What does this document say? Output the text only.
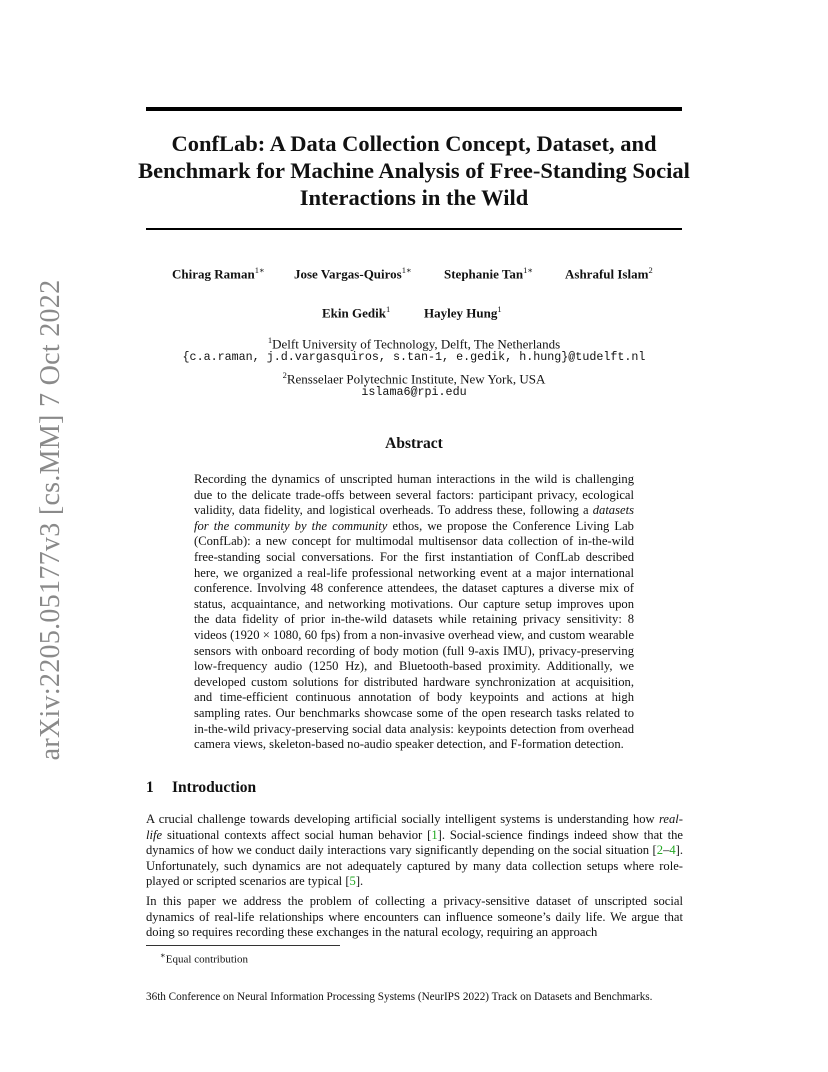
arXiv:2205.05177v3 [cs.MM] 7 Oct 2022
ConfLab: A Data Collection Concept, Dataset, and Benchmark for Machine Analysis of Free-Standing Social Interactions in the Wild
Chirag Raman$^{1∗}$ Jose Vargas-Quiros$^{1∗}$ Stephanie Tan$^{1∗}$ Ashraful Islam$^2$
Ekin Gedik$^1$	Hayley Hung$^1$
$^1$Delft University of Technology, Delft, The Netherlands
{c.a.raman, j.d.vargasquiros, s.tan-1, e.gedik, h.hung}@tudelft.nl
$^2$Rensselaer Polytechnic Institute, New York, USA
islama6@rpi.edu
Abstract
Recording the dynamics of unscripted human interactions in the wild is challenging due to the delicate trade-offs between several factors: participant privacy, ecological validity, data fidelity, and logistical overheads. To address these, following a datasets for the community by the community ethos, we propose the Conference Living Lab (ConfLab): a new concept for multimodal multisensor data collection of in-the-wild free-standing social conversations. For the first instantiation of ConfLab described here, we organized a real-life professional networking event at a major international conference. Involving 48 conference attendees, the dataset captures a diverse mix of status, acquaintance, and networking motivations. Our capture setup improves upon the data fidelity of prior in-the-wild datasets while retaining privacy sensitivity: 8 videos (1920 × 1080, 60 fps) from a non-invasive overhead view, and custom wearable sensors with onboard recording of body motion (full 9-axis IMU), privacy-preserving low-frequency audio (1250 Hz), and Bluetooth-based proximity. Additionally, we developed custom solutions for distributed hardware synchronization at acquisition, and time-efficient continuous annotation of body keypoints and actions at high sampling rates. Our benchmarks showcase some of the open research tasks related to in-the-wild privacy-preserving social data analysis: keypoints detection from overhead camera views, skeleton-based no-audio speaker detection, and F-formation detection.
1 Introduction
A crucial challenge towards developing artificial socially intelligent systems is understanding how real-life situational contexts affect social human behavior [1]. Social-science findings indeed show that the dynamics of how we conduct daily interactions vary significantly depending on the social situation [2–4]. Unfortunately, such dynamics are not adequately captured by many data collection setups where role-played or scripted scenarios are typical [5].
In this paper we address the problem of collecting a privacy-sensitive dataset of unscripted social dynamics of real-life relationships where encounters can influence someone’s daily life. We argue that doing so requires recording these exchanges in the natural ecology, requiring an approach
∗Equal contribution
36th Conference on Neural Information Processing Systems (NeurIPS 2022) Track on Datasets and Benchmarks.
